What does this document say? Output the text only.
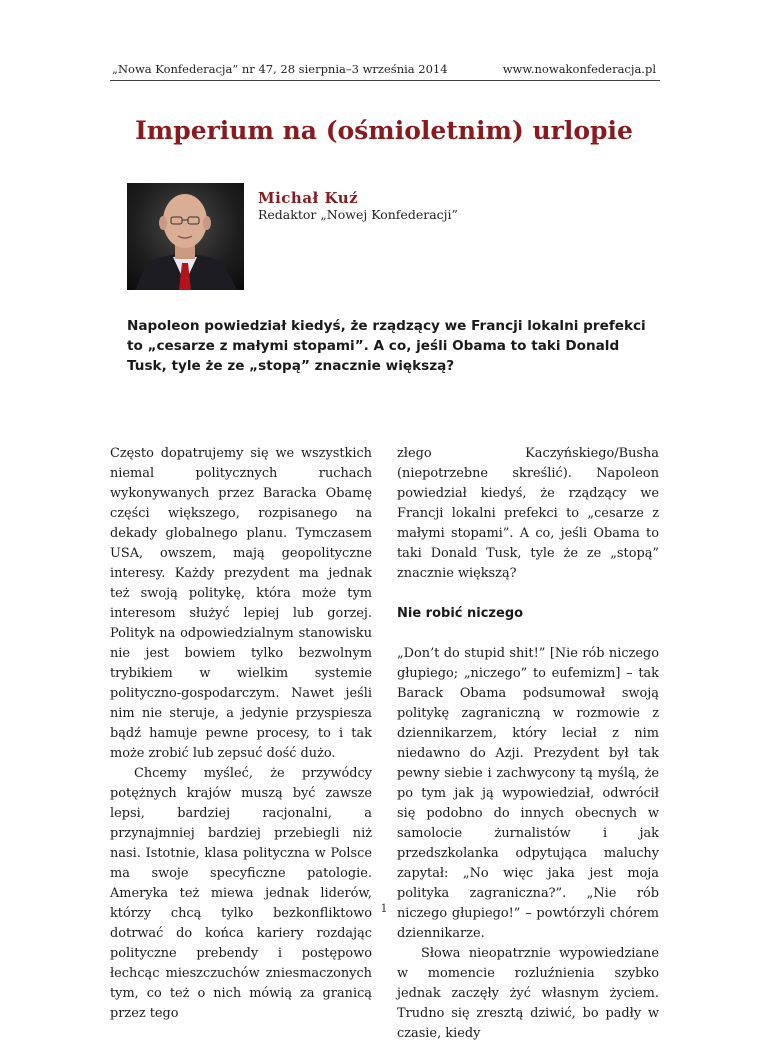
„Nowa Konfederacja” nr 47, 28 sierpnia–3 września 2014	www.nowakonfederacja.pl
Imperium na (ośmioletnim) urlopie
Michał Kuź
Redaktor „Nowej Konfederacji”
Napoleon powiedział kiedyś, że rządzący we Francji lokalni prefekci to „cesarze z małymi stopami”. A co, jeśli Obama to taki Donald Tusk, tyle że ze „stopą” znacznie większą?

Często dopatrujemy się we wszystkich niemal politycznych ruchach wykonywanych przez Baracka Obamę części większego, rozpisanego na dekady globalnego planu. Tymczasem USA, owszem, mają geopolityczne interesy. Każdy prezydent ma jednak też swoją politykę, która może tym interesom służyć lepiej lub gorzej. Polityk na odpowiedzialnym stanowisku nie jest bowiem tylko bezwolnym trybikiem w wielkim systemie polityczno-gospodarczym. Nawet jeśli nim nie steruje, a jedynie przyspiesza bądź hamuje pewne procesy, to i tak może zrobić lub zepsuć dość dużo.

Chcemy myśleć, że przywódcy potężnych krajów muszą być zawsze lepsi, bardziej racjonalni, a przynajmniej bardziej przebiegli niż nasi. Istotnie, klasa polityczna w Polsce ma swoje specyficzne patologie. Ameryka też miewa jednak liderów, którzy chcą tylko bezkonfliktowo dotrwać do końca kariery rozdając polityczne prebendy i postępowo łechcąc mieszczuchów zniesmaczonych tym, co też o nich mówią za granicą przez tego

złego Kaczyńskiego/Busha (niepotrzebne skreślić). Napoleon powiedział kiedyś, że rządzący we Francji lokalni prefekci to „cesarze z małymi stopami”. A co, jeśli Obama to taki Donald Tusk, tyle że ze „stopą” znacznie większą?

Nie robić niczego

„Don’t do stupid shit!” [Nie rób niczego głupiego; „niczego” to eufemizm] – tak Barack Obama podsumował swoją politykę zagraniczną w rozmowie z dziennikarzem, który leciał z nim niedawno do Azji. Prezydent był tak pewny siebie i zachwycony tą myślą, że po tym jak ją wypowiedział, odwrócił się podobno do innych obecnych w samolocie żurnalistów i jak przedszkolanka odpytująca maluchy zapytał: „No więc jaka jest moja polityka zagraniczna?”. „Nie rób niczego głupiego!” – powtórzyli chórem dziennikarze.

Słowa nieopatrznie wypowiedziane w momencie rozluźnienia szybko jednak zaczęły żyć własnym życiem. Trudno się zresztą dziwić, bo padły w czasie, kiedy

1
